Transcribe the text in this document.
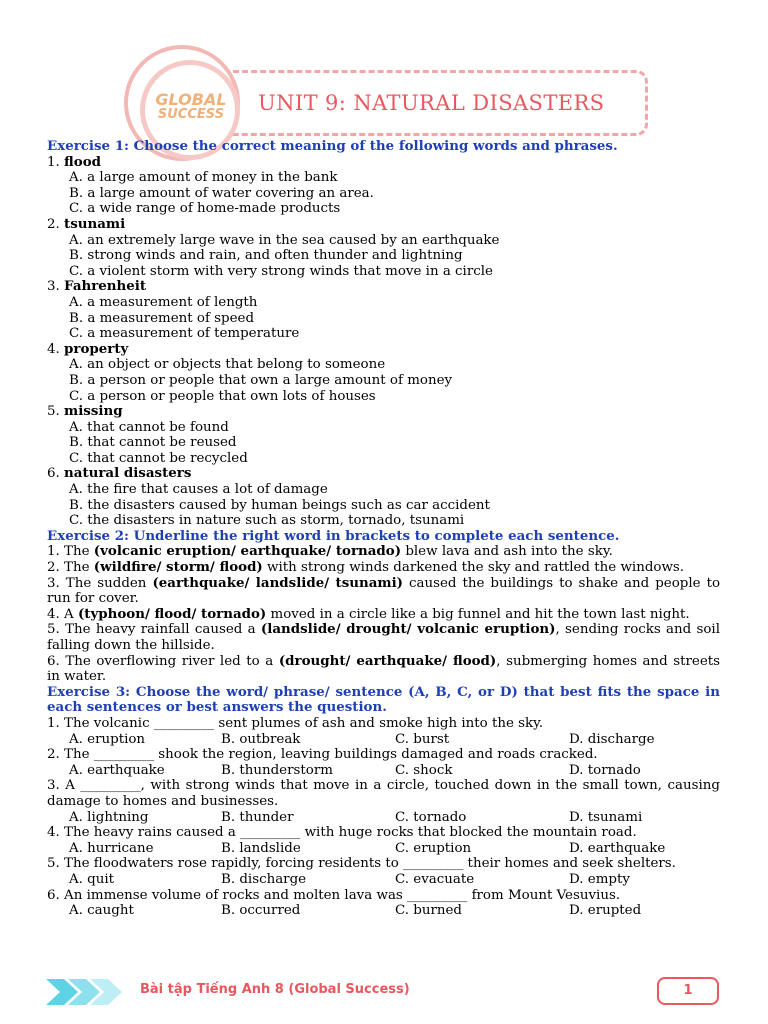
UNIT 9: NATURAL DISASTERS
GLOBAL
SUCCESS
Exercise 1: Choose the correct meaning of the following words and phrases.
1. flood
A. a large amount of money in the bank
B. a large amount of water covering an area.
C. a wide range of home-made products
2. tsunami
A. an extremely large wave in the sea caused by an earthquake
B. strong winds and rain, and often thunder and lightning
C. a violent storm with very strong winds that move in a circle
3. Fahrenheit
A. a measurement of length
B. a measurement of speed
C. a measurement of temperature
4. property
A. an object or objects that belong to someone
B. a person or people that own a large amount of money
C. a person or people that own lots of houses
5. missing
A. that cannot be found
B. that cannot be reused
C. that cannot be recycled
6. natural disasters
A. the fire that causes a lot of damage
B. the disasters caused by human beings such as car accident
C. the disasters in nature such as storm, tornado, tsunami
Exercise 2: Underline the right word in brackets to complete each sentence.
1. The (volcanic eruption/ earthquake/ tornado) blew lava and ash into the sky.
2. The (wildfire/ storm/ flood) with strong winds darkened the sky and rattled the windows.
3. The sudden (earthquake/ landslide/ tsunami) caused the buildings to shake and people to run for cover.
4. A (typhoon/ flood/ tornado) moved in a circle like a big funnel and hit the town last night.
5. The heavy rainfall caused a (landslide/ drought/ volcanic eruption), sending rocks and soil falling down the hillside.
6. The overflowing river led to a (drought/ earthquake/ flood), submerging homes and streets in water.
Exercise 3: Choose the word/ phrase/ sentence (A, B, C, or D) that best fits the space in each sentences or best answers the question.
1. The volcanic _________ sent plumes of ash and smoke high into the sky.
A. eruption	B. outbreak	C. burst	D. discharge
2. The _________ shook the region, leaving buildings damaged and roads cracked.
A. earthquake	B. thunderstorm	C. shock	D. tornado
3. A _________, with strong winds that move in a circle, touched down in the small town, causing damage to homes and businesses.
A. lightning	B. thunder	C. tornado	D. tsunami
4. The heavy rains caused a _________ with huge rocks that blocked the mountain road.
A. hurricane	B. landslide	C. eruption	D. earthquake
5. The floodwaters rose rapidly, forcing residents to _________ their homes and seek shelters.
A. quit	B. discharge	C. evacuate	D. empty
6. An immense volume of rocks and molten lava was _________ from Mount Vesuvius.
A. caught	B. occurred	C. burned	D. erupted
Bài tập Tiếng Anh 8 (Global Success)	1
